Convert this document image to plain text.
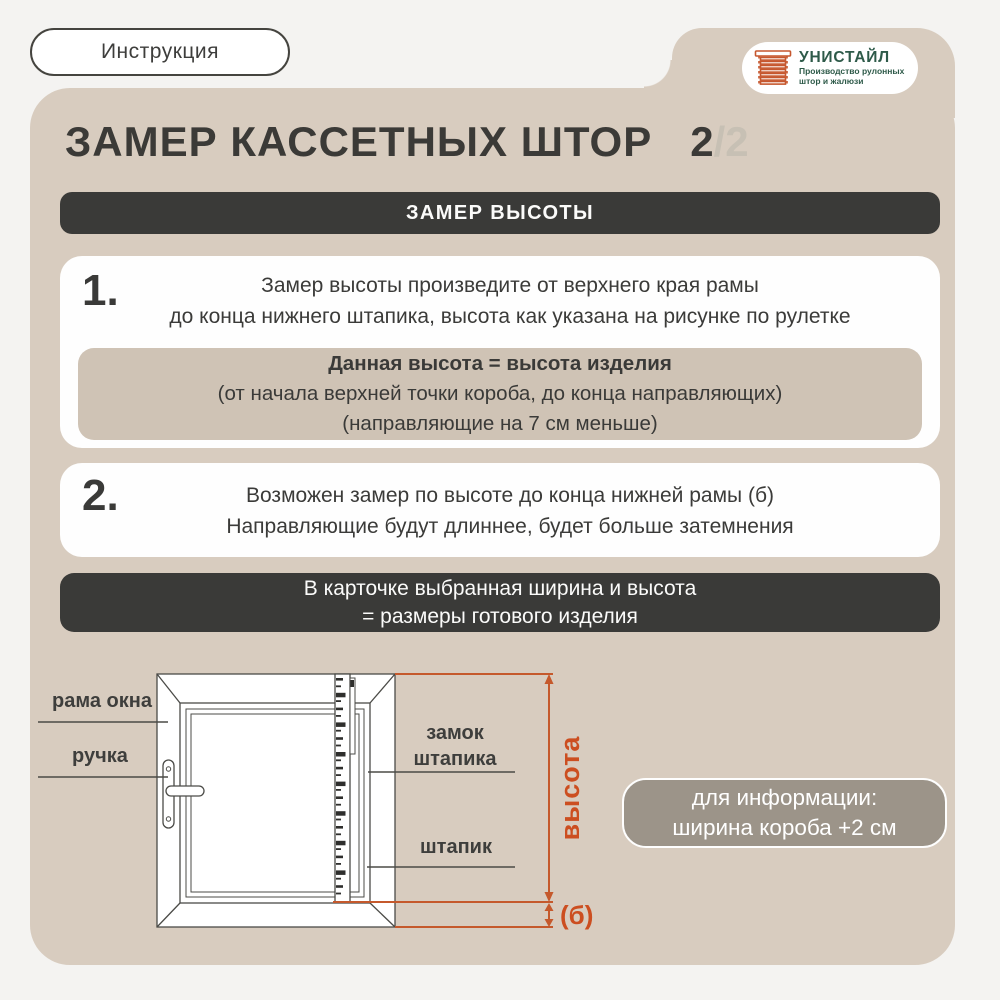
Инструкция	УНИСТАЙЛ
Производство рулонных
штор и жалюзи
ЗАМЕР КАССЕТНЫХ ШТОР 2/2
ЗАМЕР ВЫСОТЫ
1.	Замер высоты произведите от верхнего края рамы
до конца нижнего штапика, высота как указана на рисунке по рулетке
Данная высота = высота изделия
(от начала верхней точки короба, до конца направляющих)
(направляющие на 7 см меньше)
2.	Возможен замер по высоте до конца нижней рамы (б)
Направляющие будут длиннее, будет больше затемнения
В карточке выбранная ширина и высота
= размеры готового изделия
рама окна
ручка
замок
штапика
штапик
высота
(б)
для информации:
ширина короба +2 см
